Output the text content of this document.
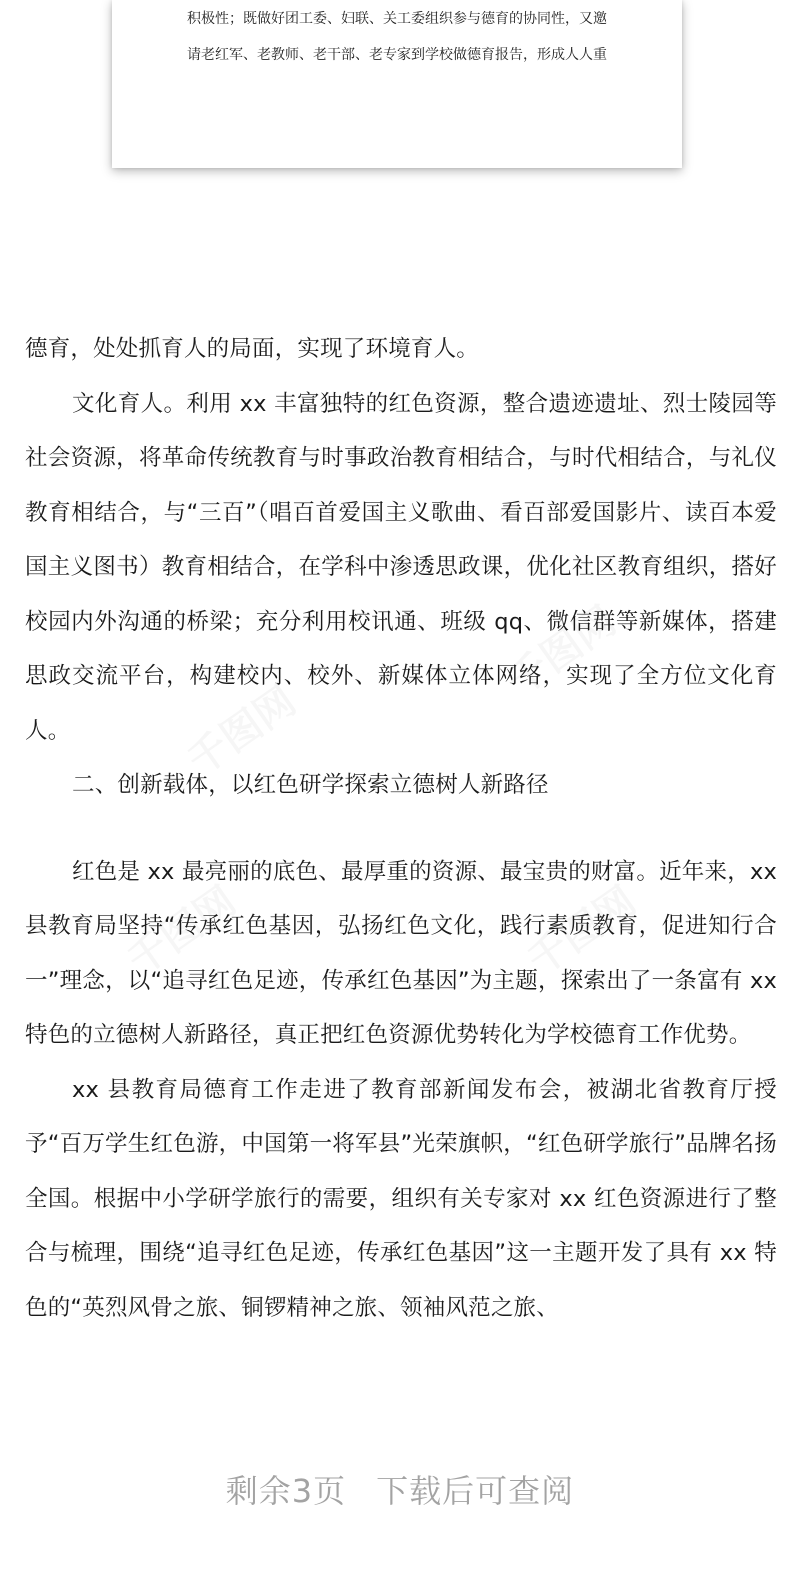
积极性；既做好团工委、妇联、关工委组织参与德育的协同性，又邀
请老红军、老教师、老干部、老专家到学校做德育报告，形成人人重

德育，处处抓育人的局面，实现了环境育人。

文化育人。利用 xx 丰富独特的红色资源，整合遗迹遗址、烈士陵园等社会资源，将革命传统教育与时事政治教育相结合，与时代相结合，与礼仪教育相结合，与“三百”（唱百首爱国主义歌曲、看百部爱国影片、读百本爱国主义图书）教育相结合，在学科中渗透思政课，优化社区教育组织，搭好校园内外沟通的桥梁；充分利用校讯通、班级 qq、微信群等新媒体，搭建思政交流平台，构建校内、校外、新媒体立体网络，实现了全方位文化育人。

二、创新载体，以红色研学探索立德树人新路径

红色是 xx 最亮丽的底色、最厚重的资源、最宝贵的财富。近年来，xx 县教育局坚持“传承红色基因，弘扬红色文化，践行素质教育，促进知行合一”理念，以“追寻红色足迹，传承红色基因”为主题，探索出了一条富有 xx 特色的立德树人新路径，真正把红色资源优势转化为学校德育工作优势。

xx 县教育局德育工作走进了教育部新闻发布会，被湖北省教育厅授予“百万学生红色游，中国第一将军县”光荣旗帜，“红色研学旅行”品牌名扬全国。根据中小学研学旅行的需要，组织有关专家对 xx 红色资源进行了整合与梳理，围绕“追寻红色足迹，传承红色基因”这一主题开发了具有 xx 特色的“英烈风骨之旅、铜锣精神之旅、领袖风范之旅、

剩余3页 下载后可查阅
